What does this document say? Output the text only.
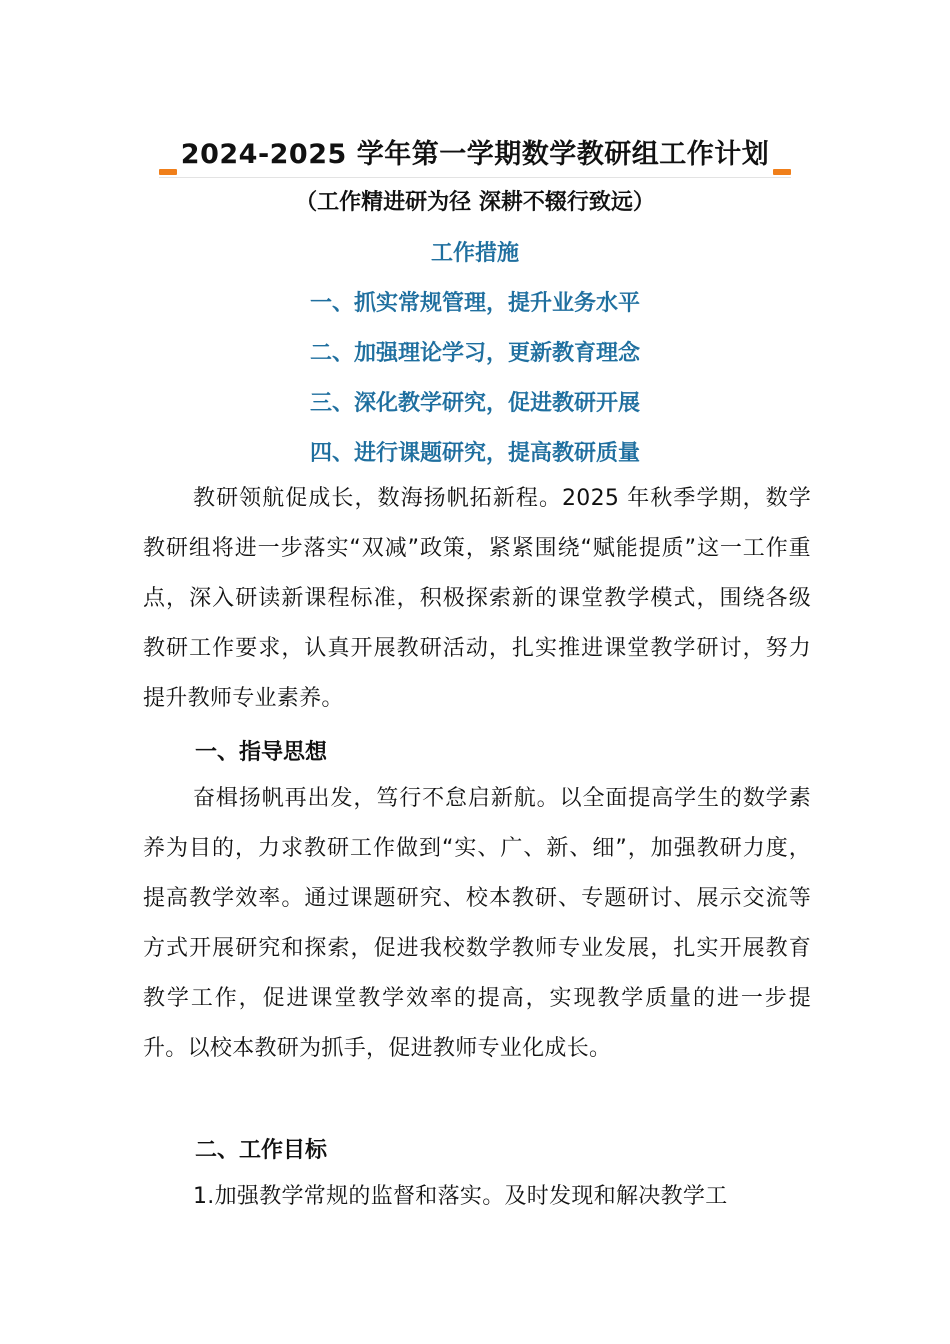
2024-2025 学年第一学期数学教研组工作计划
（工作精进研为径 深耕不辍行致远）
工作措施
一、抓实常规管理，提升业务水平
二、加强理论学习，更新教育理念
三、深化教学研究，促进教研开展
四、进行课题研究，提高教研质量

教研领航促成长，数海扬帆拓新程。2025 年秋季学期，数学教研组将进一步落实“双减”政策，紧紧围绕“赋能提质”这一工作重点，深入研读新课程标准，积极探索新的课堂教学模式，围绕各级教研工作要求，认真开展教研活动，扎实推进课堂教学研讨，努力提升教师专业素养。

一、指导思想

奋楫扬帆再出发，笃行不怠启新航。以全面提高学生的数学素养为目的，力求教研工作做到“实、广、新、细”，加强教研力度，提高教学效率。通过课题研究、校本教研、专题研讨、展示交流等方式开展研究和探索，促进我校数学教师专业发展，扎实开展教育教学工作，促进课堂教学效率的提高，实现教学质量的进一步提升。以校本教研为抓手，促进教师专业化成长。

二、工作目标

1.加强教学常规的监督和落实。及时发现和解决教学工
